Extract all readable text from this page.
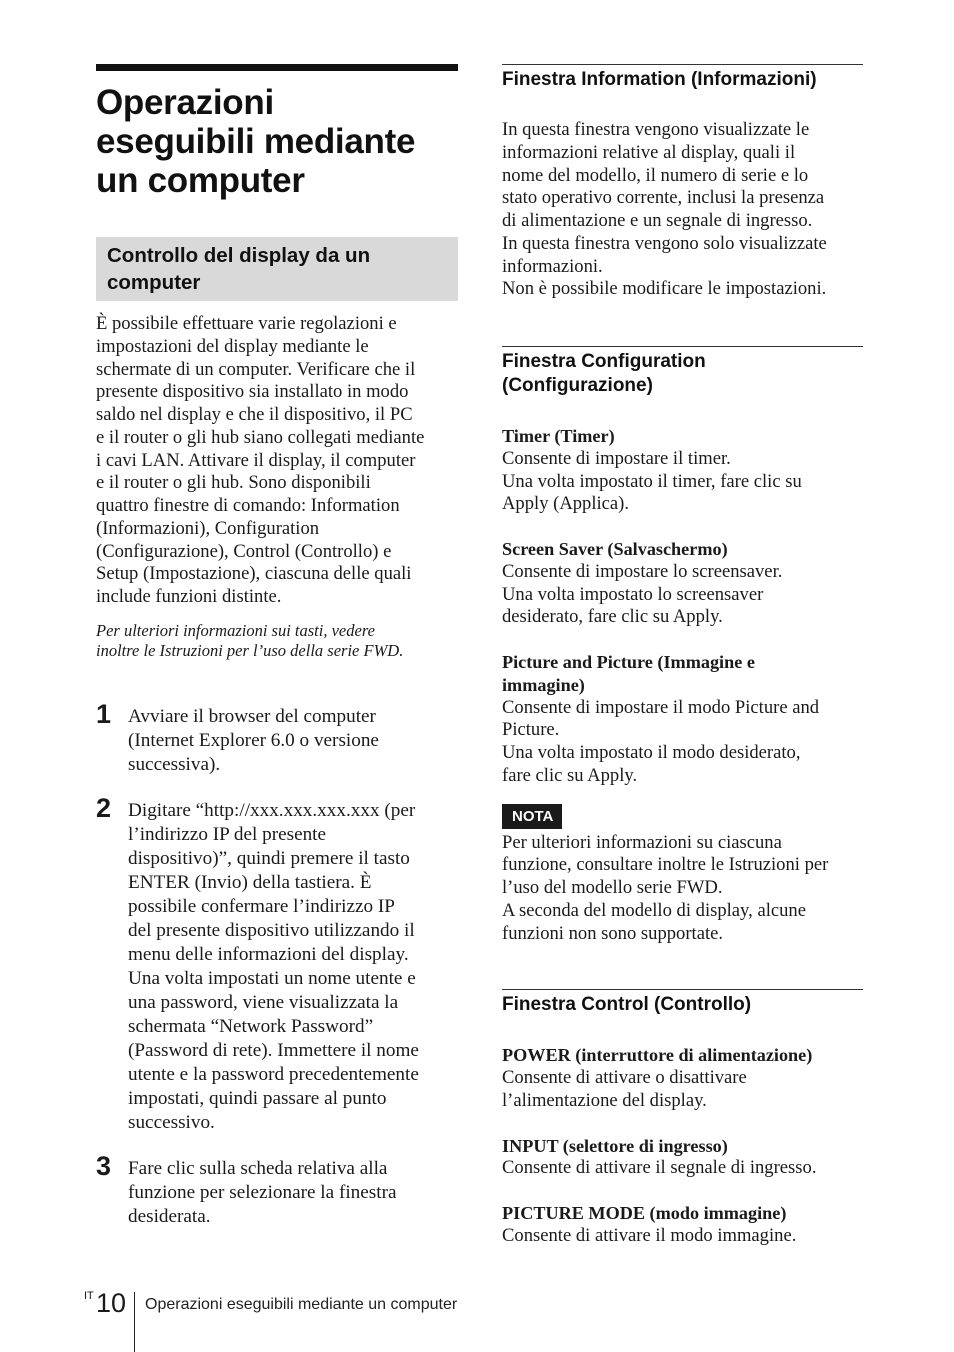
Operazioni
eseguibili mediante
un computer
Controllo del display da un
computer
È possibile effettuare varie regolazioni e
impostazioni del display mediante le
schermate di un computer. Verificare che il
presente dispositivo sia installato in modo
saldo nel display e che il dispositivo, il PC
e il router o gli hub siano collegati mediante
i cavi LAN. Attivare il display, il computer
e il router o gli hub. Sono disponibili
quattro finestre di comando: Information
(Informazioni), Configuration
(Configurazione), Control (Controllo) e
Setup (Impostazione), ciascuna delle quali
include funzioni distinte.
Per ulteriori informazioni sui tasti, vedere
inoltre le Istruzioni per l’uso della serie FWD.
1 Avviare il browser del computer
(Internet Explorer 6.0 o versione
successiva).

2 Digitare “http://xxx.xxx.xxx.xxx (per
l’indirizzo IP del presente
dispositivo)”, quindi premere il tasto
ENTER (Invio) della tastiera. È
possibile confermare l’indirizzo IP
del presente dispositivo utilizzando il
menu delle informazioni del display.
Una volta impostati un nome utente e
una password, viene visualizzata la
schermata “Network Password”
(Password di rete). Immettere il nome
utente e la password precedentemente
impostati, quindi passare al punto
successivo.

3 Fare clic sulla scheda relativa alla
funzione per selezionare la finestra
desiderata.

Finestra Information (Informazioni)
In questa finestra vengono visualizzate le
informazioni relative al display, quali il
nome del modello, il numero di serie e lo
stato operativo corrente, inclusi la presenza
di alimentazione e un segnale di ingresso.
In questa finestra vengono solo visualizzate
informazioni.
Non è possibile modificare le impostazioni.
Finestra Configuration
(Configurazione)

Timer (Timer)

Consente di impostare il timer.
Una volta impostato il timer, fare clic su
Apply (Applica).

Screen Saver (Salvaschermo)

Consente di impostare lo screensaver.
Una volta impostato lo screensaver
desiderato, fare clic su Apply.

Picture and Picture (Immagine e
immagine)

Consente di impostare il modo Picture and
Picture.
Una volta impostato il modo desiderato,
fare clic su Apply.
NOTA
Per ulteriori informazioni su ciascuna
funzione, consultare inoltre le Istruzioni per
l’uso del modello serie FWD.
A seconda del modello di display, alcune
funzioni non sono supportate.
Finestra Control (Controllo)

POWER (interruttore di alimentazione)

Consente di attivare o disattivare
l’alimentazione del display.

INPUT (selettore di ingresso)

Consente di attivare il segnale di ingresso.

PICTURE MODE (modo immagine)

Consente di attivare il modo immagine.
IT 10 Operazioni eseguibili mediante un computer
